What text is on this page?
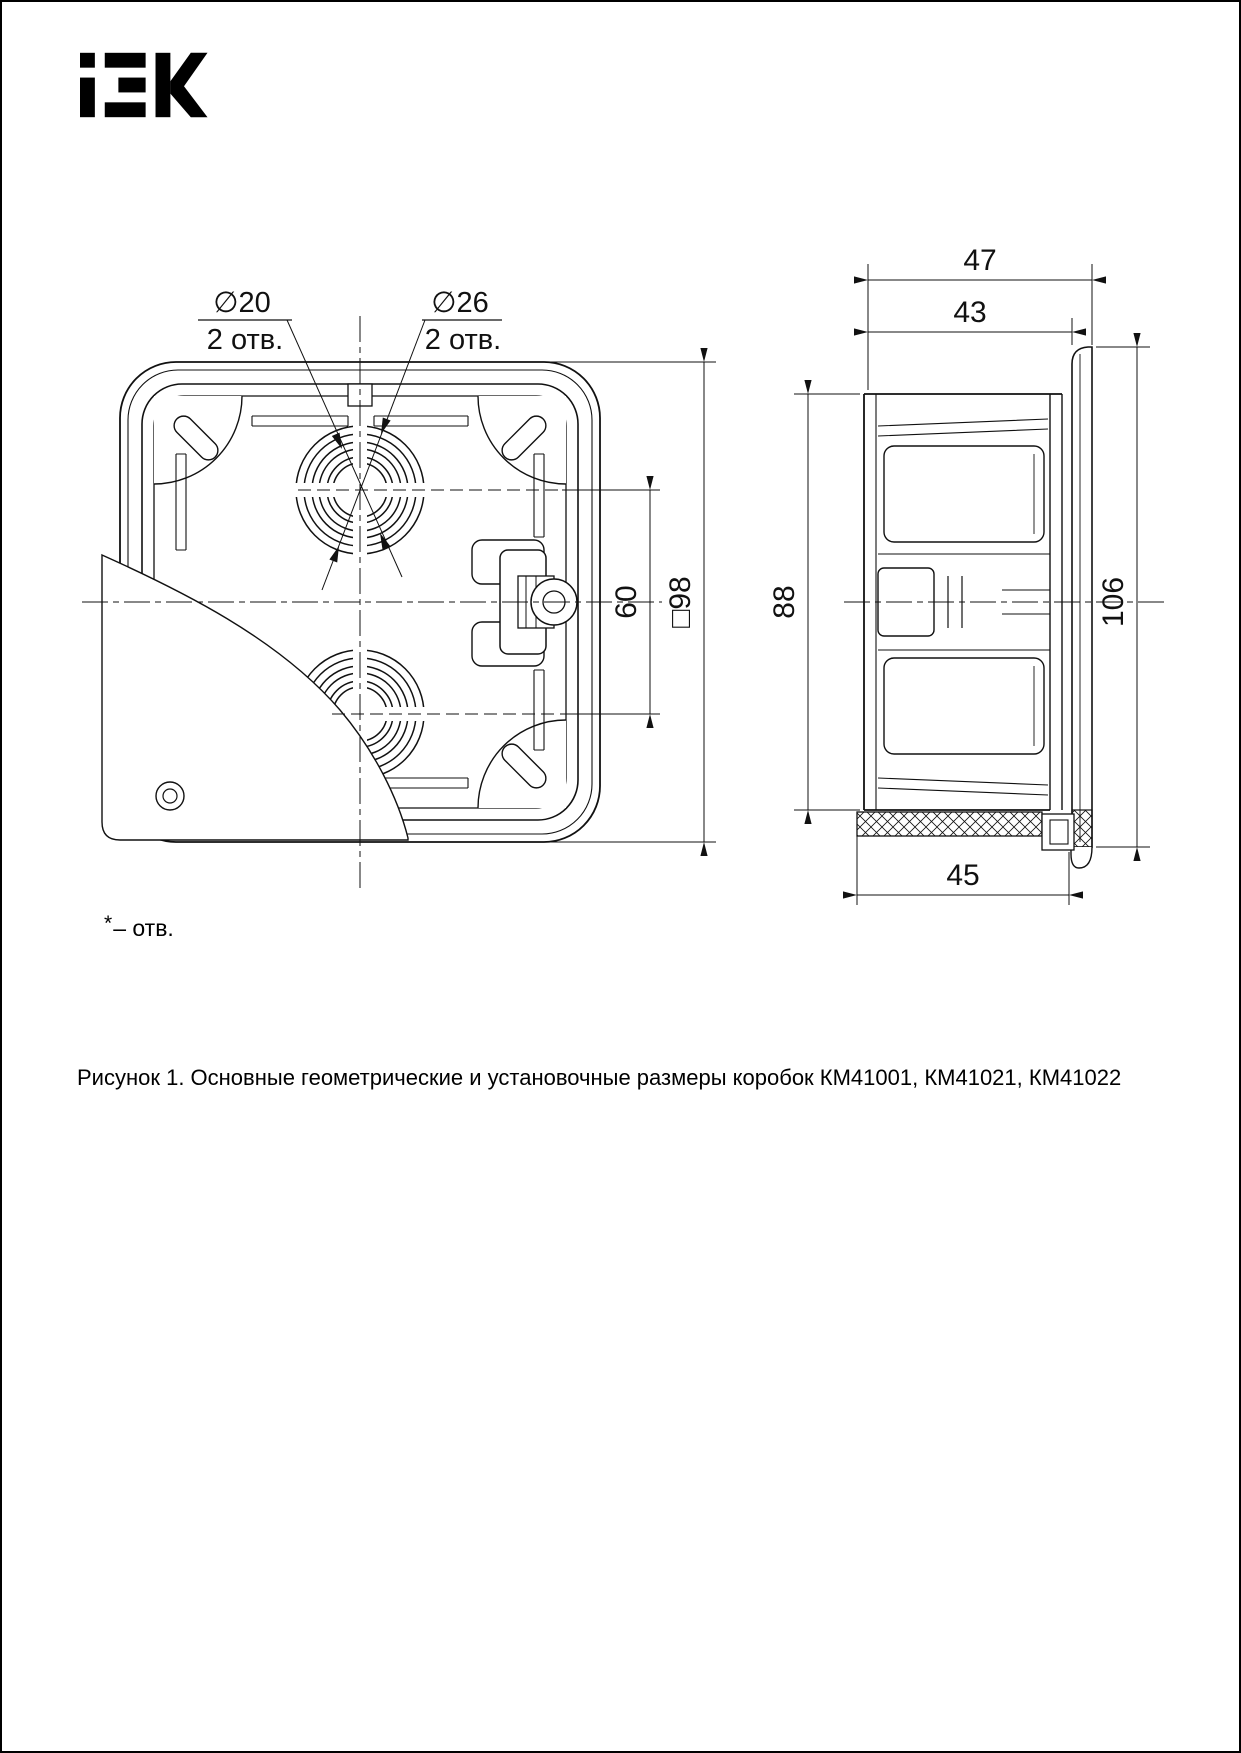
∅20
2 отв.
∅26
2 отв.
60 □98
47
43
88	106
45
*– отв.
Рисунок 1. Основные геометрические и установочные размеры коробок КМ41001, КМ41021, КМ41022
